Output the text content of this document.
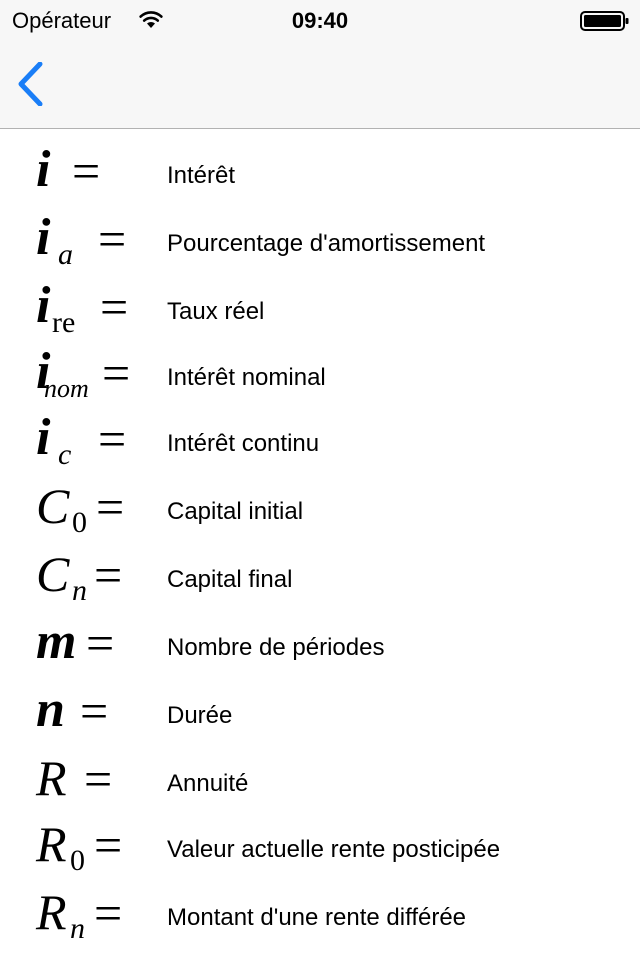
Opérateur	09:40
i =	Intérêt
i a = Pourcentage d'amortissement
i re = Taux réel
i
nom = Intérêt nominal
i c = Intérêt continu
C 0 = Capital initial
C n = Capital final
m = Nombre de périodes
n = Durée
R = Annuité
R 0 = Valeur actuelle rente posticipée
R n = Montant d'une rente différée
